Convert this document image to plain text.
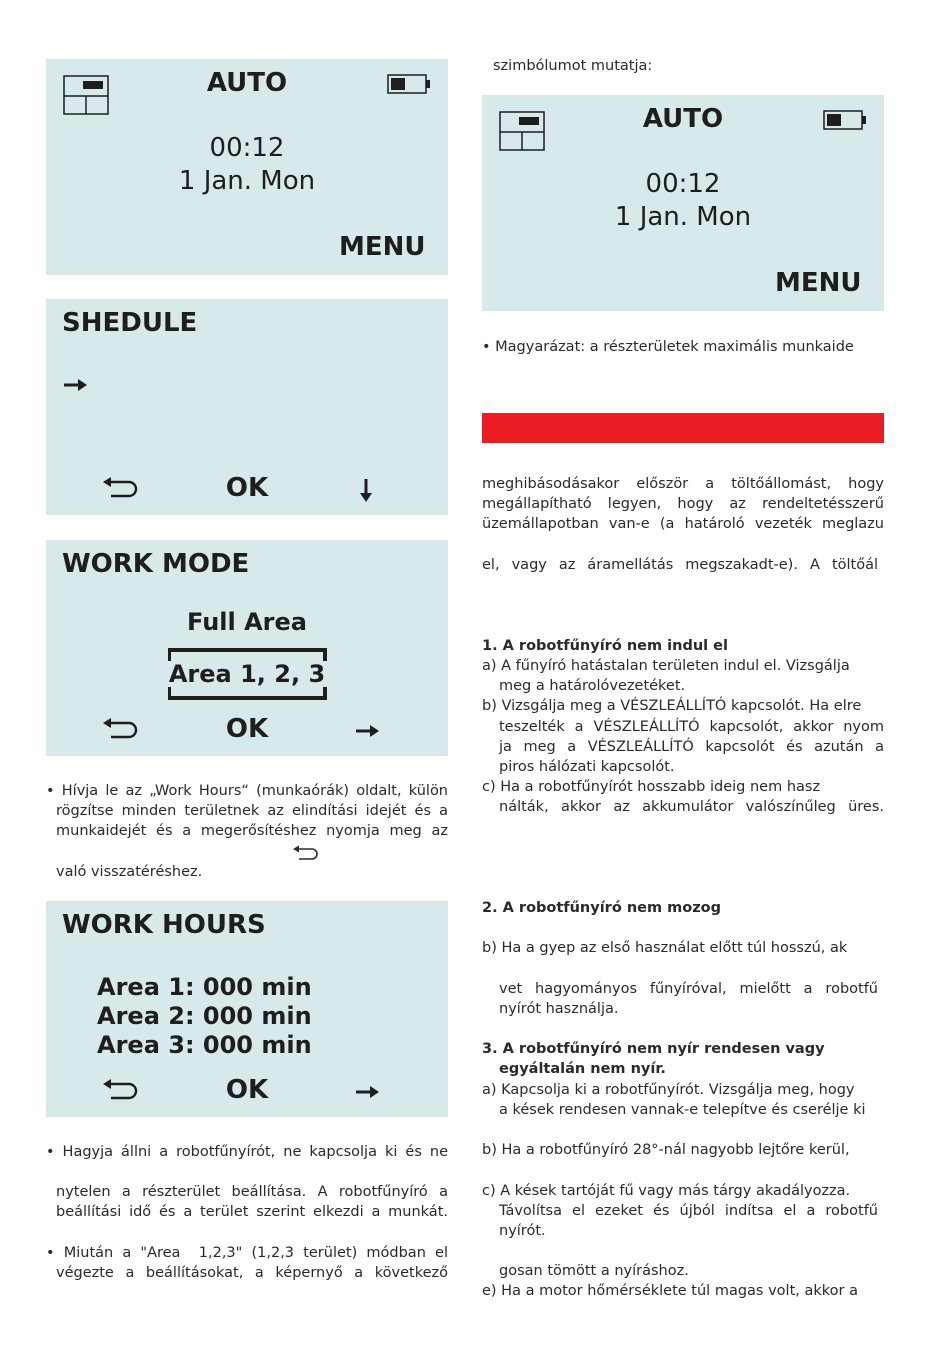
AUTO
00:12
1 Jan. Mon
MENU
SHEDULE
OK
WORK MODE
Full Area
Area 1, 2, 3
OK
• Hívja le az „Work Hours“ (munkaórák) oldalt, külön
rögzítse minden területnek az elindítási idejét és a
munkaidejét és a megerősítéshez nyomja meg az
való visszatéréshez.
WORK HOURS
Area 1: 000 min
Area 2: 000 min
Area 3: 000 min
OK
• Hagyja állni a robotfűnyírót, ne kapcsolja ki és ne
nytelen a részterület beállítása. A robotfűnyíró a
beállítási idő és a terület szerint elkezdi a munkát.
• Miután a "Area  1,2,3" (1,2,3 terület) módban el
végezte a beállításokat, a képernyő a következő
szimbólumot mutatja:
AUTO
00:12
1 Jan. Mon
MENU
• Magyarázat: a részterületek maximális munkaide
meghibásodásakor először a töltőállomást, hogy
megállapítható legyen, hogy az rendeltetésszerű
üzemállapotban van-e (a határoló vezeték meglazu
el, vagy az áramellátás megszakadt-e). A töltőál
1. A robotfűnyíró nem indul el
a) A fűnyíró hatástalan területen indul el. Vizsgálja
meg a határolóvezetéket.
b) Vizsgálja meg a VÉSZLEÁLLÍTÓ kapcsolót. Ha elre
teszelték a VÉSZLEÁLLÍTÓ kapcsolót, akkor nyom
ja meg a VÉSZLEÁLLÍTÓ kapcsolót és azután a
piros hálózati kapcsolót.
c) Ha a robotfűnyírót hosszabb ideig nem hasz
nálták, akkor az akkumulátor valószínűleg üres.
2. A robotfűnyíró nem mozog
b) Ha a gyep az első használat előtt túl hosszú, ak
vet hagyományos fűnyíróval, mielőtt a robotfű
nyírót használja.
3. A robotfűnyíró nem nyír rendesen vagy
egyáltalán nem nyír.
a) Kapcsolja ki a robotfűnyírót. Vizsgálja meg, hogy
a kések rendesen vannak-e telepítve és cserélje ki
b) Ha a robotfűnyíró 28°-nál nagyobb lejtőre kerül,
c) A kések tartóját fű vagy más tárgy akadályozza.
Távolítsa el ezeket és újból indítsa el a robotfű
nyírót.
gosan tömött a nyíráshoz.
e) Ha a motor hőmérséklete túl magas volt, akkor a
